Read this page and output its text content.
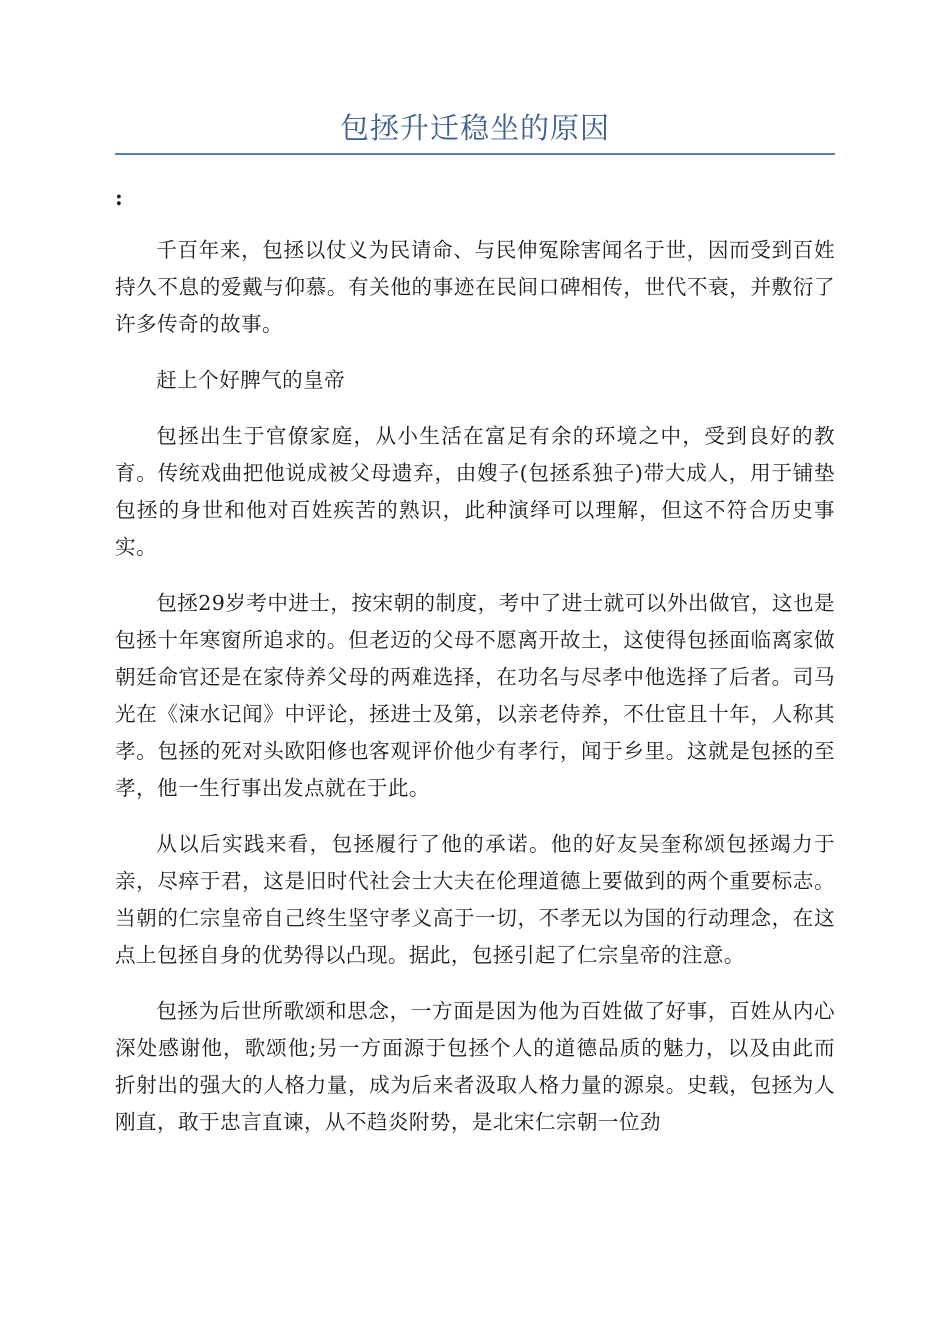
包拯升迁稳坐的原因
:

千百年来，包拯以仗义为民请命、与民伸冤除害闻名于世，因而受到百姓持久不息的爱戴与仰慕。有关他的事迹在民间口碑相传，世代不衰，并敷衍了许多传奇的故事。

赶上个好脾气的皇帝

包拯出生于官僚家庭，从小生活在富足有余的环境之中，受到良好的教育。传统戏曲把他说成被父母遗弃，由嫂子(包拯系独子)带大成人，用于铺垫包拯的身世和他对百姓疾苦的熟识，此种演绎可以理解，但这不符合历史事实。

包拯29岁考中进士，按宋朝的制度，考中了进士就可以外出做官，这也是包拯十年寒窗所追求的。但老迈的父母不愿离开故土，这使得包拯面临离家做朝廷命官还是在家侍养父母的两难选择，在功名与尽孝中他选择了后者。司马光在《涑水记闻》中评论，拯进士及第，以亲老侍养，不仕宦且十年，人称其孝。包拯的死对头欧阳修也客观评价他少有孝行，闻于乡里。这就是包拯的至孝，他一生行事出发点就在于此。

从以后实践来看，包拯履行了他的承诺。他的好友吴奎称颂包拯竭力于亲，尽瘁于君，这是旧时代社会士大夫在伦理道德上要做到的两个重要标志。当朝的仁宗皇帝自己终生坚守孝义高于一切，不孝无以为国的行动理念，在这点上包拯自身的优势得以凸现。据此，包拯引起了仁宗皇帝的注意。

包拯为后世所歌颂和思念，一方面是因为他为百姓做了好事，百姓从内心深处感谢他，歌颂他;另一方面源于包拯个人的道德品质的魅力，以及由此而折射出的强大的人格力量，成为后来者汲取人格力量的源泉。史载，包拯为人刚直，敢于忠言直谏，从不趋炎附势，是北宋仁宗朝一位劲
